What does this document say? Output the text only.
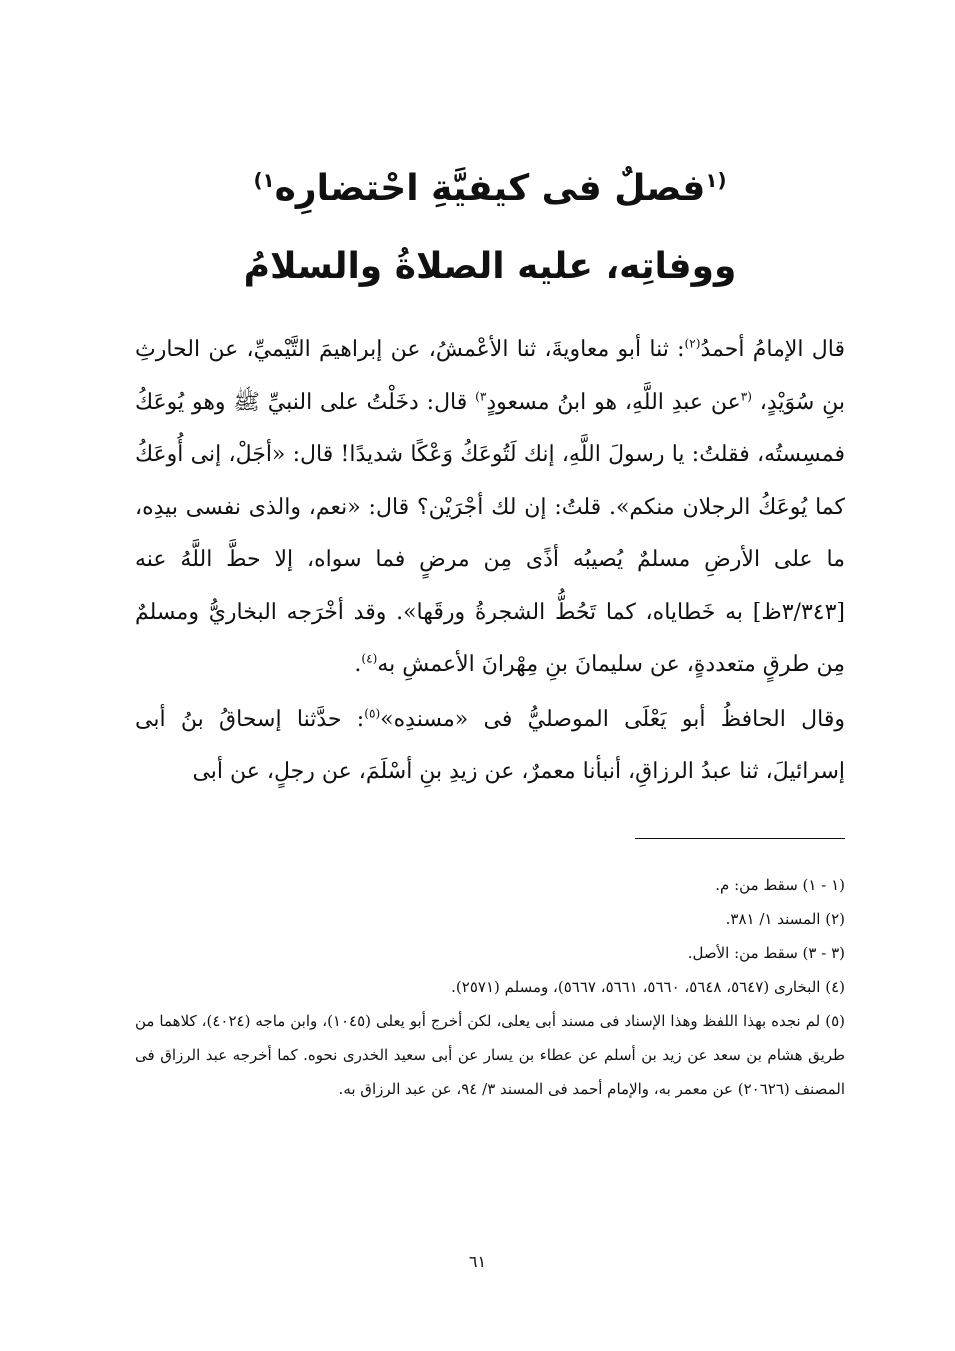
$^{(١}$فصلٌ فى كيفيَّةِ احْتضارِه$^{١)}$
ووفاتِه، عليه الصلاةُ والسلامُ

قال الإمامُ أحمدُ$^{(٢)}$: ثنا أبو معاويةَ، ثنا الأعْمشُ، عن إبراهيمَ التَّيْميِّ، عن الحارثِ بنِ سُوَيْدٍ، $^{(٣}$عن عبدِ اللَّهِ، هو ابنُ مسعودٍ$^{٣)}$ قال: دخَلْتُ على النبيِّ ﷺ وهو يُوعَكُ فمسِستُه، فقلتُ: يا رسولَ اللَّهِ، إنك لَتُوعَكُ وَعْكًا شديدًا! قال: «أجَلْ، إنى أُوعَكُ كما يُوعَكُ الرجلان منكم». قلتُ: إن لك أجْرَيْن؟ قال: «نعم، والذى نفسى بيدِه، ما على الأرضِ مسلمٌ يُصيبُه أذًى مِن مرضٍ فما سواه، إلا حطَّ اللَّهُ عنه [٣/٣٤٣ظ] به خَطاياه، كما تَحُطُّ الشجرةُ ورقَها». وقد أخْرَجه البخاريُّ ومسلمٌ مِن طرقٍ متعددةٍ، عن سليمانَ بنِ مِهْرانَ الأعمشِ به$^{(٤)}$.

وقال الحافظُ أبو يَعْلَى الموصليُّ فى «مسندِه»$^{(٥)}$: حدَّثنا إسحاقُ بنُ أبى إسرائيلَ، ثنا عبدُ الرزاقِ، أنبأنا معمرٌ، عن زيدِ بنِ أسْلَمَ، عن رجلٍ، عن أبى

(١ - ١) سقط من: م.

(٢) المسند ١/ ٣٨١.

(٣ - ٣) سقط من: الأصل.

(٤) البخارى (٥٦٤٧، ٥٦٤٨، ٥٦٦٠، ٥٦٦١، ٥٦٦٧)، ومسلم (٢٥٧١).

(٥) لم نجده بهذا اللفظ وهذا الإسناد فى مسند أبى يعلى، لكن أخرج أبو يعلى (١٠٤٥)، وابن ماجه (٤٠٢٤)، كلاهما من طريق هشام بن سعد عن زيد بن أسلم عن عطاء بن يسار عن أبى سعيد الخدرى نحوه. كما أخرجه عبد الرزاق فى المصنف (٢٠٦٢٦) عن معمر به، والإمام أحمد فى المسند ٣/ ٩٤، عن عبد الرزاق به.

٦١
